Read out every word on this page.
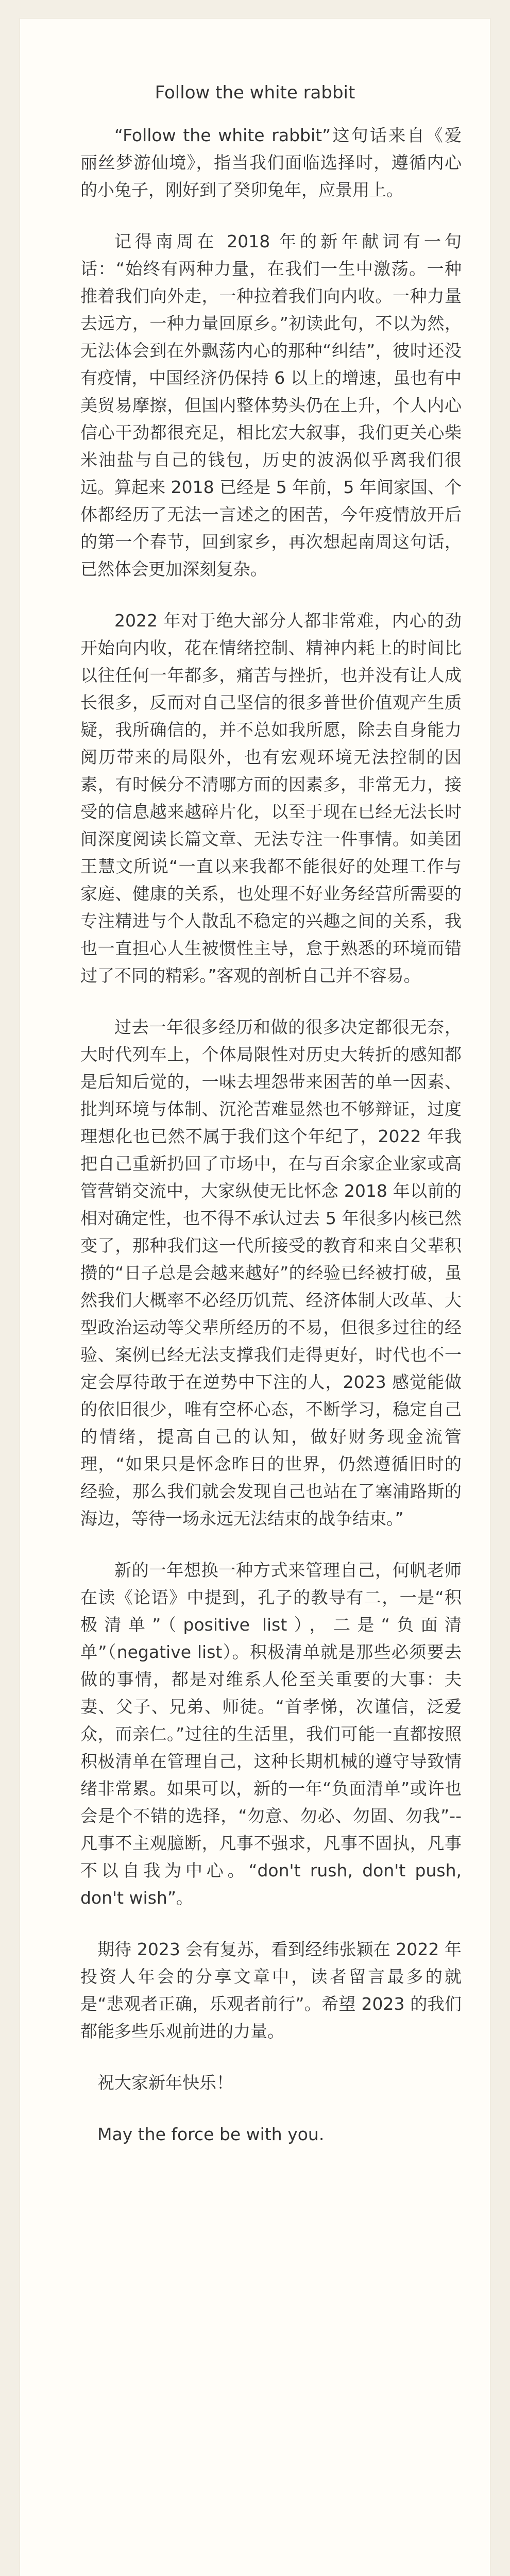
Follow the white rabbit

“Follow the white rabbit”这句话来自《爱丽丝梦游仙境》，指当我们面临选择时，遵循内心的小兔子，刚好到了癸卯兔年，应景用上。

记得南周在 2018 年的新年献词有一句话：“始终有两种力量，在我们一生中激荡。一种推着我们向外走，一种拉着我们向内收。一种力量去远方，一种力量回原乡。”初读此句，不以为然，无法体会到在外飘荡内心的那种“纠结”，彼时还没有疫情，中国经济仍保持 6 以上的增速，虽也有中美贸易摩擦，但国内整体势头仍在上升，个人内心信心干劲都很充足，相比宏大叙事，我们更关心柴米油盐与自己的钱包，历史的波涡似乎离我们很远。算起来 2018 已经是 5 年前，5 年间家国、个体都经历了无法一言述之的困苦，今年疫情放开后的第一个春节，回到家乡，再次想起南周这句话，已然体会更加深刻复杂。

2022 年对于绝大部分人都非常难，内心的劲开始向内收，花在情绪控制、精神内耗上的时间比以往任何一年都多，痛苦与挫折，也并没有让人成长很多，反而对自己坚信的很多普世价值观产生质疑，我所确信的，并不总如我所愿，除去自身能力阅历带来的局限外，也有宏观环境无法控制的因素，有时候分不清哪方面的因素多，非常无力，接受的信息越来越碎片化，以至于现在已经无法长时间深度阅读长篇文章、无法专注一件事情。如美团王慧文所说“一直以来我都不能很好的处理工作与家庭、健康的关系，也处理不好业务经营所需要的专注精进与个人散乱不稳定的兴趣之间的关系，我也一直担心人生被惯性主导，怠于熟悉的环境而错过了不同的精彩。”客观的剖析自己并不容易。

过去一年很多经历和做的很多决定都很无奈，大时代列车上，个体局限性对历史大转折的感知都是后知后觉的，一味去埋怨带来困苦的单一因素、批判环境与体制、沉沦苦难显然也不够辩证，过度理想化也已然不属于我们这个年纪了，2022 年我把自己重新扔回了市场中，在与百余家企业家或高管营销交流中，大家纵使无比怀念 2018 年以前的相对确定性，也不得不承认过去 5 年很多内核已然变了，那种我们这一代所接受的教育和来自父辈积攒的“日子总是会越来越好”的经验已经被打破，虽然我们大概率不必经历饥荒、经济体制大改革、大型政治运动等父辈所经历的不易，但很多过往的经验、案例已经无法支撑我们走得更好，时代也不一定会厚待敢于在逆势中下注的人，2023 感觉能做的依旧很少，唯有空杯心态，不断学习，稳定自己的情绪，提高自己的认知，做好财务现金流管理，“如果只是怀念昨日的世界，仍然遵循旧时的经验，那么我们就会发现自己也站在了塞浦路斯的海边，等待一场永远无法结束的战争结束。”

新的一年想换一种方式来管理自己，何帆老师在读《论语》中提到，孔子的教导有二，一是“积极清单”（positive list），二是“负面清单”（negative list）。积极清单就是那些必须要去做的事情，都是对维系人伦至关重要的大事：夫妻、父子、兄弟、师徒。“首孝悌，次谨信，泛爱众，而亲仁。”过往的生活里，我们可能一直都按照积极清单在管理自己，这种长期机械的遵守导致情绪非常累。如果可以，新的一年“负面清单”或许也会是个不错的选择，“勿意、勿必、勿固、勿我”--凡事不主观臆断，凡事不强求，凡事不固执，凡事不以自我为中心。“don't rush, don't push, don't wish”。

期待 2023 会有复苏，看到经纬张颖在 2022 年投资人年会的分享文章中，读者留言最多的就是“悲观者正确，乐观者前行”。希望 2023 的我们都能多些乐观前进的力量。

祝大家新年快乐！

May the force be with you.
